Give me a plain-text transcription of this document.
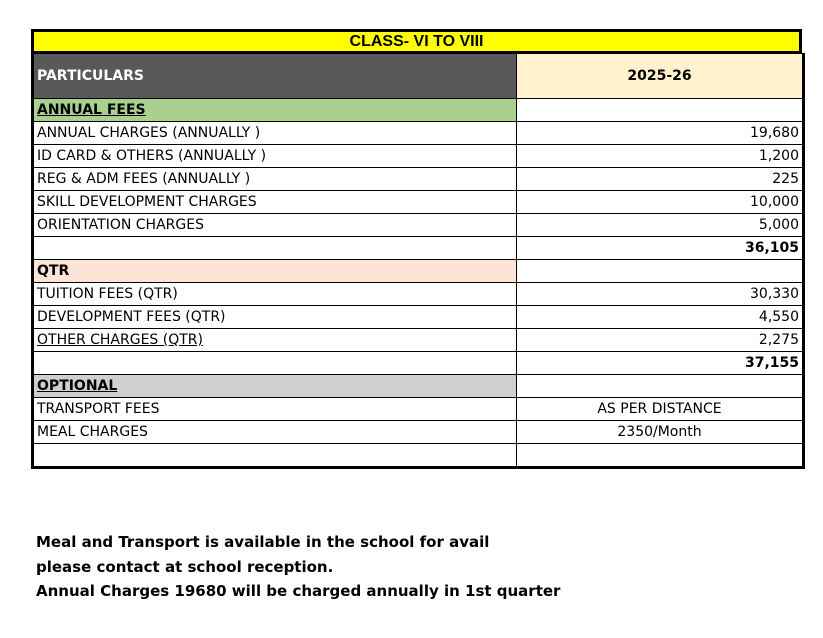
CLASS- VI TO VIII
PARTICULARS	2025-26
ANNUAL FEES	
ANNUAL CHARGES (ANNUALLY )	19,680
ID CARD & OTHERS (ANNUALLY )	1,200
REG & ADM FEES (ANNUALLY )	225
SKILL DEVELOPMENT CHARGES	10,000
ORIENTATION CHARGES	5,000
	36,105
QTR	
TUITION FEES (QTR)	30,330
DEVELOPMENT FEES (QTR)	4,550
OTHER CHARGES (QTR)	2,275
	37,155
OPTIONAL	
TRANSPORT FEES	AS PER DISTANCE
MEAL CHARGES	2350/Month

Meal and Transport is available in the school for avail
please contact at school reception.
Annual Charges 19680 will be charged annually in 1st quarter
